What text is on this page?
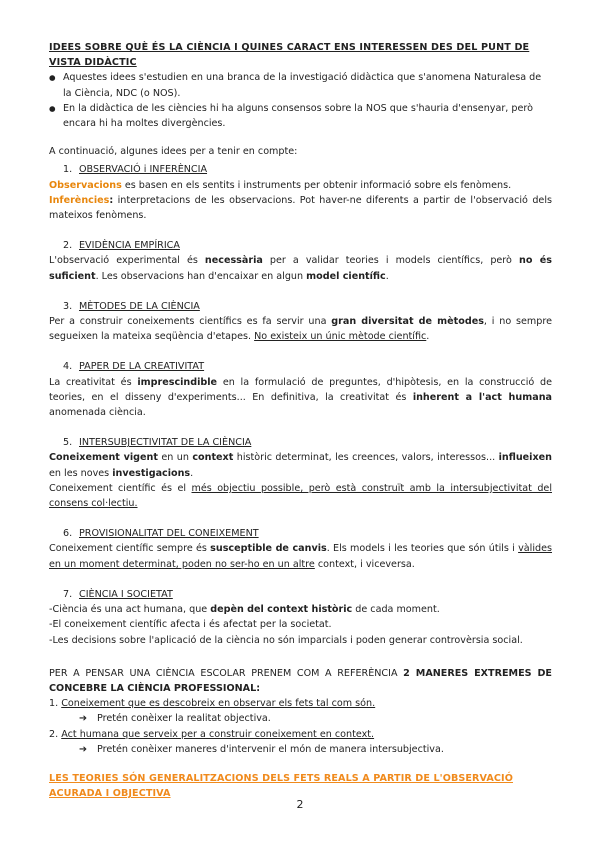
IDEES SOBRE QUÈ ÉS LA CIÈNCIA I QUINES CARACT ENS INTERESSEN DES DEL PUNT DE VISTA DIDÀCTIC
● Aquestes idees s'estudien en una branca de la investigació didàctica que s'anomena Naturalesa de la Ciència, NDC (o NOS).
● En la didàctica de les ciències hi ha alguns consensos sobre la NOS que s'hauria d'ensenyar, però encara hi ha moltes divergències.
A continuació, algunes idees per a tenir en compte:
1. OBSERVACIÓ i INFERÈNCIA
Observacions es basen en els sentits i instruments per obtenir informació sobre els fenòmens.
Inferències: interpretacions de les observacions. Pot haver-ne diferents a partir de l'observació dels mateixos fenòmens.
2. EVIDÈNCIA EMPÍRICA
L'observació experimental és necessària per a validar teories i models científics, però no és suficient. Les observacions han d'encaixar en algun model científic.
3. MÈTODES DE LA CIÈNCIA
Per a construir coneixements científics es fa servir una gran diversitat de mètodes, i no sempre segueixen la mateixa seqüència d'etapes. No existeix un únic mètode científic.
4. PAPER DE LA CREATIVITAT
La creativitat és imprescindible en la formulació de preguntes, d'hipòtesis, en la construcció de teories, en el disseny d'experiments... En definitiva, la creativitat és inherent a l'act humana anomenada ciència.
5. INTERSUBJECTIVITAT DE LA CIÈNCIA
Coneixement vigent en un context històric determinat, les creences, valors, interessos... influeixen en les noves investigacions.
Coneixement científic és el més objectiu possible, però està construït amb la intersubjectivitat del consens col·lectiu.
6. PROVISIONALITAT DEL CONEIXEMENT
Coneixement científic sempre és susceptible de canvis. Els models i les teories que són útils i vàlides en un moment determinat, poden no ser-ho en un altre context, i viceversa.
7. CIÈNCIA I SOCIETAT
-Ciència és una act humana, que depèn del context històric de cada moment.
-El coneixement científic afecta i és afectat per la societat.
-Les decisions sobre l'aplicació de la ciència no són imparcials i poden generar controvèrsia social.
PER A PENSAR UNA CIÈNCIA ESCOLAR PRENEM COM A REFERÈNCIA 2 MANERES EXTREMES DE CONCEBRE LA CIÈNCIA PROFESSIONAL:
1. Coneixement que es descobreix en observar els fets tal com són.
➔ Pretén conèixer la realitat objectiva.
2. Act humana que serveix per a construir coneixement en context.
➔ Pretén conèixer maneres d'intervenir el món de manera intersubjectiva.
LES TEORIES SÓN GENERALITZACIONS DELS FETS REALS A PARTIR DE L'OBSERVACIÓ ACURADA I OBJECTIVA
2
